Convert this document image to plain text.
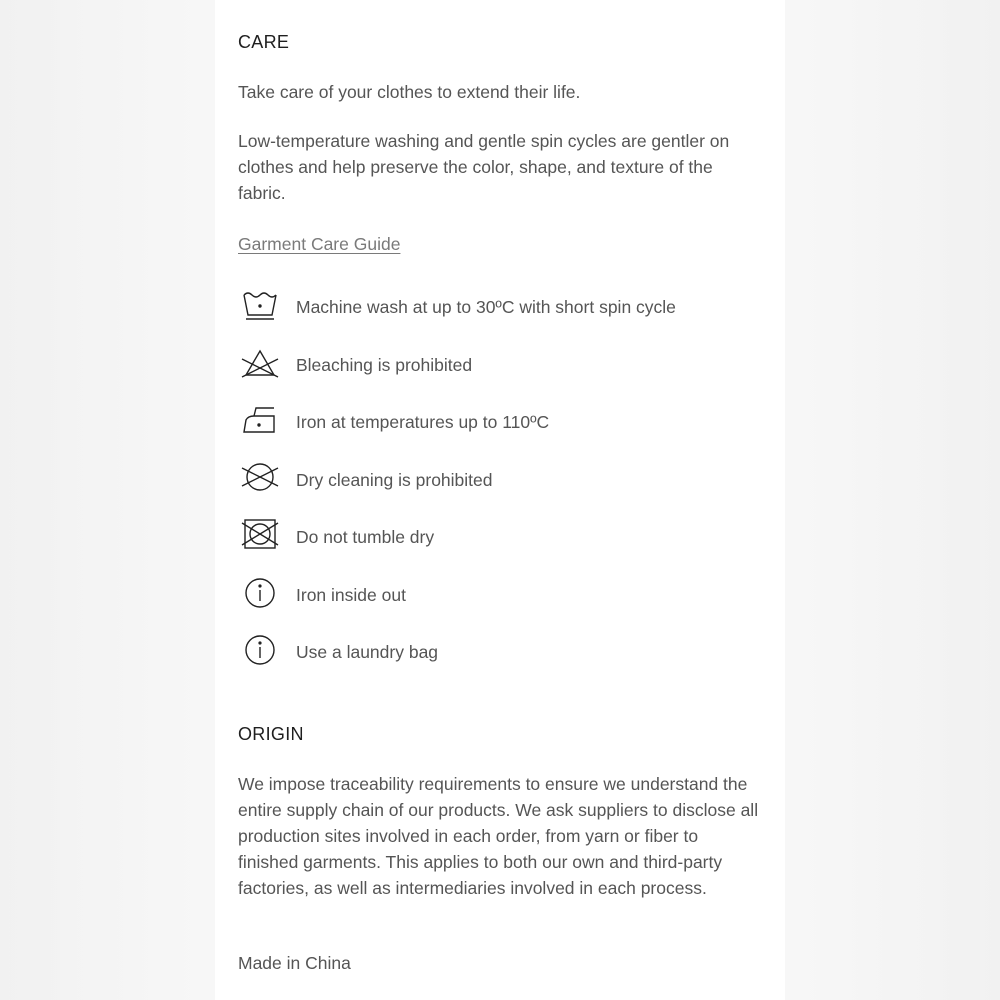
CARE
Take care of your clothes to extend their life.
Low-temperature washing and gentle spin cycles are gentler on clothes and help preserve the color, shape, and texture of the fabric.
Garment Care Guide
Machine wash at up to 30ºC with short spin cycle
Bleaching is prohibited
Iron at temperatures up to 110ºC
Dry cleaning is prohibited
Do not tumble dry
Iron inside out
Use a laundry bag
ORIGIN
We impose traceability requirements to ensure we understand the entire supply chain of our products. We ask suppliers to disclose all production sites involved in each order, from yarn or fiber to finished garments. This applies to both our own and third-party factories, as well as intermediaries involved in each process.
Made in China
